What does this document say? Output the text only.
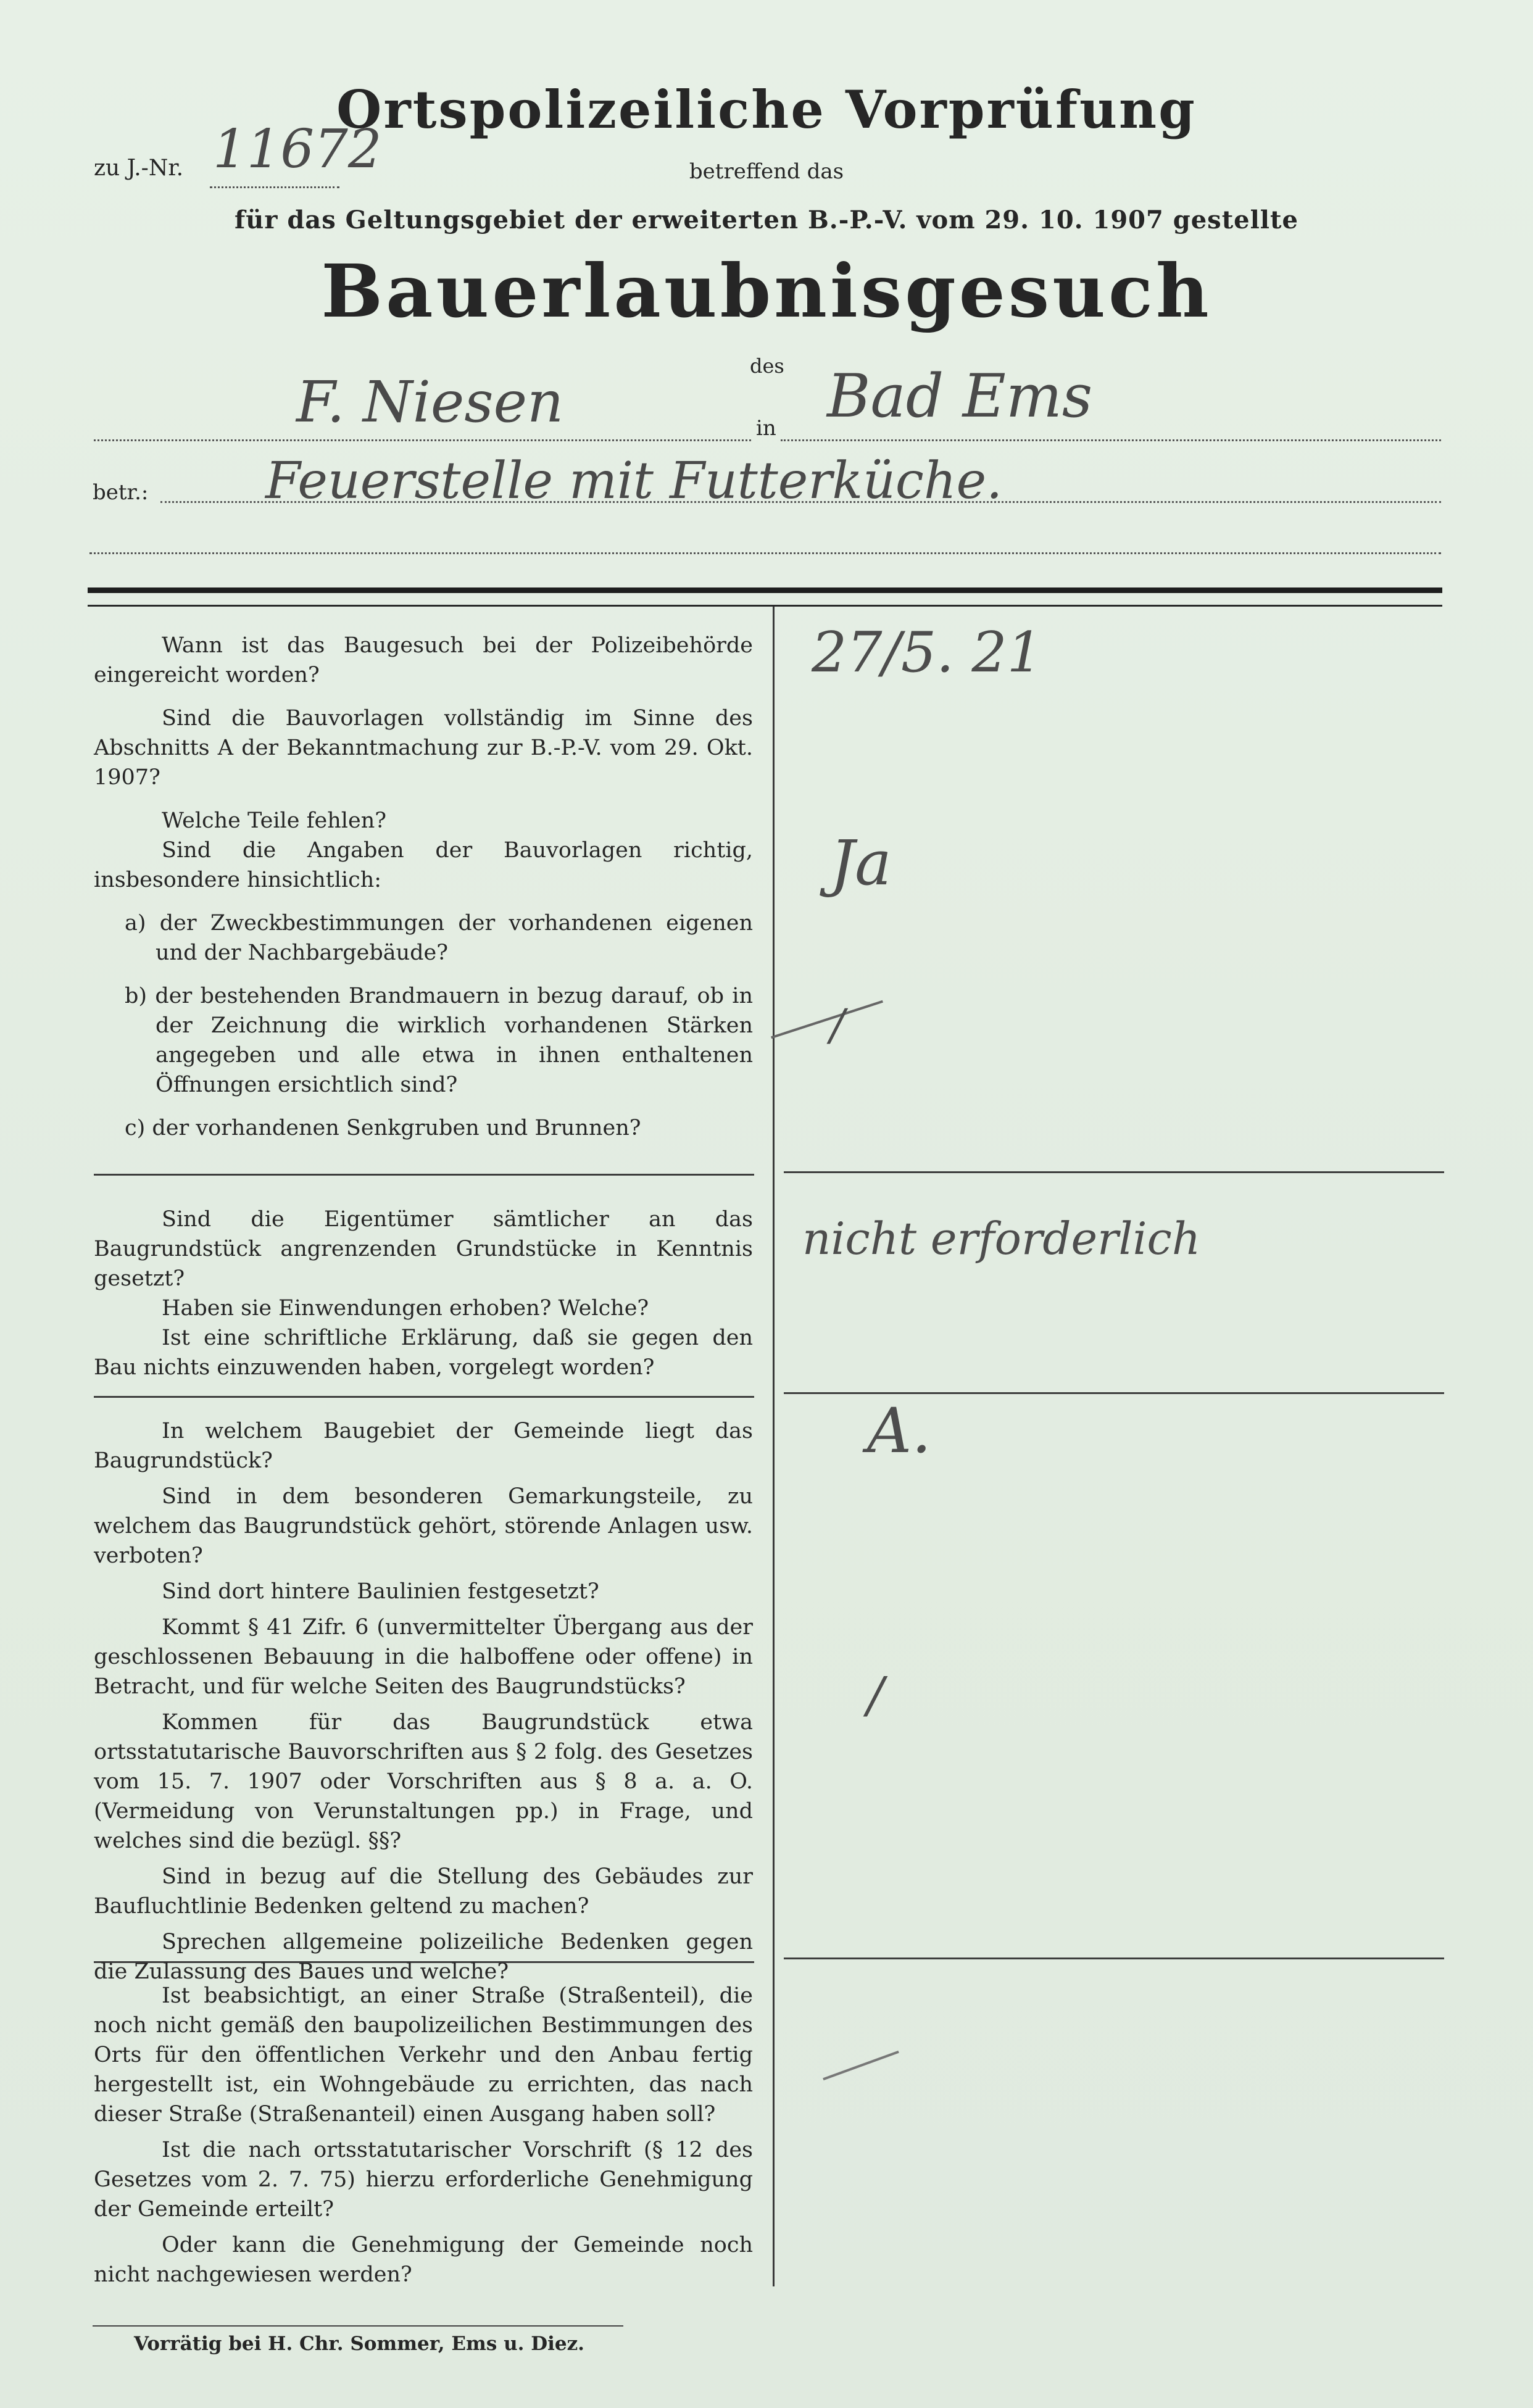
Ortspolizeiliche Vorprüfung
zu J.-Nr. 11672	betreffend das
für das Geltungsgebiet der erweiterten B.-P.-V. vom 29. 10. 1907 gestellte
Bauerlaubnisgesuch
des
F. Niesen	in Bad Ems
betr.: Feuerstelle mit Futterküche.

Wann ist das Baugesuch bei der Polizeibehörde eingereicht worden?

Sind die Bauvorlagen vollständig im Sinne des Abschnitts A der Bekanntmachung zur B.-P.-V. vom 29. Okt. 1907?

Welche Teile fehlen?

Sind die Angaben der Bauvorlagen richtig, insbesondere hinsichtlich:

a) der Zweckbestimmungen der vorhandenen eigenen und der Nachbargebäude?

b) der bestehenden Brandmauern in bezug darauf, ob in der Zeichnung die wirklich vorhandenen Stärken angegeben und alle etwa in ihnen enthaltenen Öffnungen ersichtlich sind?

c) der vorhandenen Senkgruben und Brunnen?

Sind die Eigentümer sämtlicher an das Baugrundstück angrenzenden Grundstücke in Kenntnis gesetzt?

Haben sie Einwendungen erhoben? Welche?

Ist eine schriftliche Erklärung, daß sie gegen den Bau nichts einzuwenden haben, vorgelegt worden?

In welchem Baugebiet der Gemeinde liegt das Baugrundstück?

Sind in dem besonderen Gemarkungsteile, zu welchem das Baugrundstück gehört, störende Anlagen usw. verboten?

Sind dort hintere Baulinien festgesetzt?

Kommt § 41 Zifr. 6 (unvermittelter Übergang aus der geschlossenen Bebauung in die halboffene oder offene) in Betracht, und für welche Seiten des Baugrundstücks?

Kommen für das Baugrundstück etwa ortsstatutarische Bauvorschriften aus § 2 folg. des Gesetzes vom 15. 7. 1907 oder Vorschriften aus § 8 a. a. O. (Vermeidung von Verunstaltungen pp.) in Frage, und welches sind die bezügl. §§?

Sind in bezug auf die Stellung des Gebäudes zur Baufluchtlinie Bedenken geltend zu machen?

Sprechen allgemeine polizeiliche Bedenken gegen die Zulassung des Baues und welche?

Ist beabsichtigt, an einer Straße (Straßenteil), die noch nicht gemäß den baupolizeilichen Bestimmungen des Orts für den öffentlichen Verkehr und den Anbau fertig hergestellt ist, ein Wohngebäude zu errichten, das nach dieser Straße (Straßenanteil) einen Ausgang haben soll?

Ist die nach ortsstatutarischer Vorschrift (§ 12 des Gesetzes vom 2. 7. 75) hierzu erforderliche Genehmigung der Gemeinde erteilt?

Oder kann die Genehmigung der Gemeinde noch nicht nachgewiesen werden?

27/5. 21
Ja
/
nicht erforderlich
A.
/
Vorrätig bei H. Chr. Sommer, Ems u. Diez.
